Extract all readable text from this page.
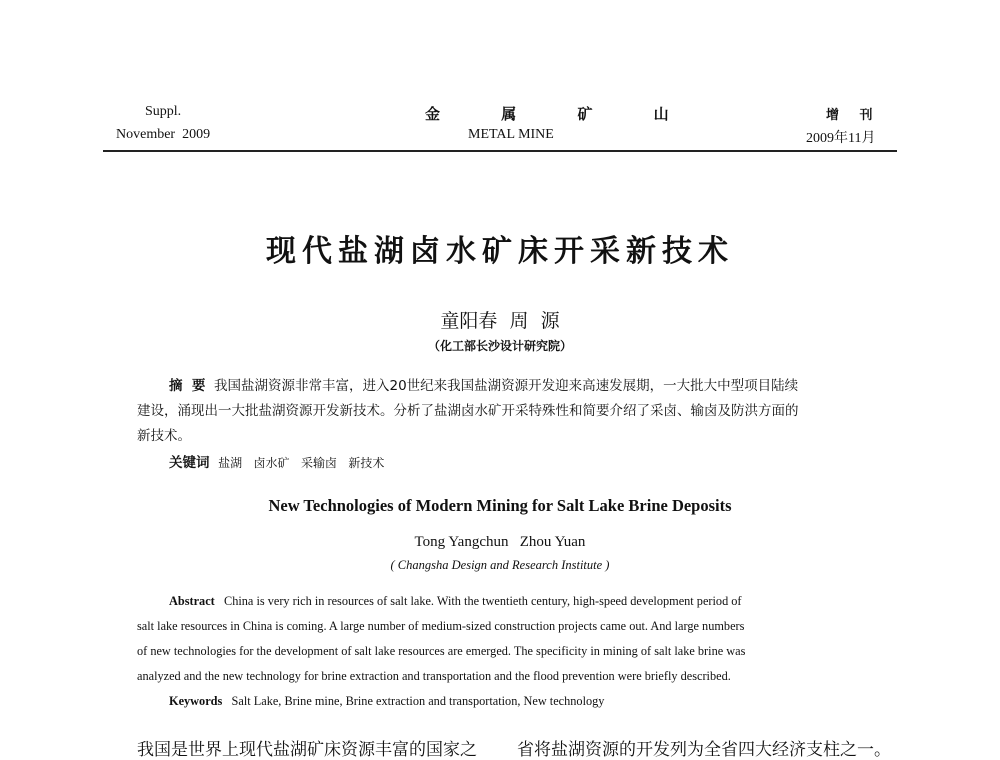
Suppl.
November  2009
金 属 矿 山
METAL MINE
增 刊
2009年11月
现代盐湖卤水矿床开采新技术
童阳春  周  源
（化工部长沙设计研究院）
摘  要 我国盐湖资源非常丰富，进入20世纪来我国盐湖资源开发迎来高速发展期，一大批大中型项目陆续
建设，涌现出一大批盐湖资源开发新技术。分析了盐湖卤水矿开采特殊性和简要介绍了采卤、输卤及防洪方面的
新技术。
关键词 盐湖   卤水矿   采输卤   新技术
New Technologies of Modern Mining for Salt Lake Brine Deposits
Tong Yangchun   Zhou Yuan
( Changsha Design and Research Institute )
Abstract China is very rich in resources of salt lake. With the twentieth century, high-speed development period of
salt lake resources in China is coming. A large number of medium-sized construction projects came out. And large numbers
of new technologies for the development of salt lake resources are emerged. The specificity in mining of salt lake brine was
analyzed and the new technology for brine extraction and transportation and the flood prevention were briefly described.
Keywords Salt Lake, Brine mine, Brine extraction and transportation, New technology
我国是世界上现代盐湖矿床资源丰富的国家之 省将盐湖资源的开发列为全省四大经济支柱之一。
